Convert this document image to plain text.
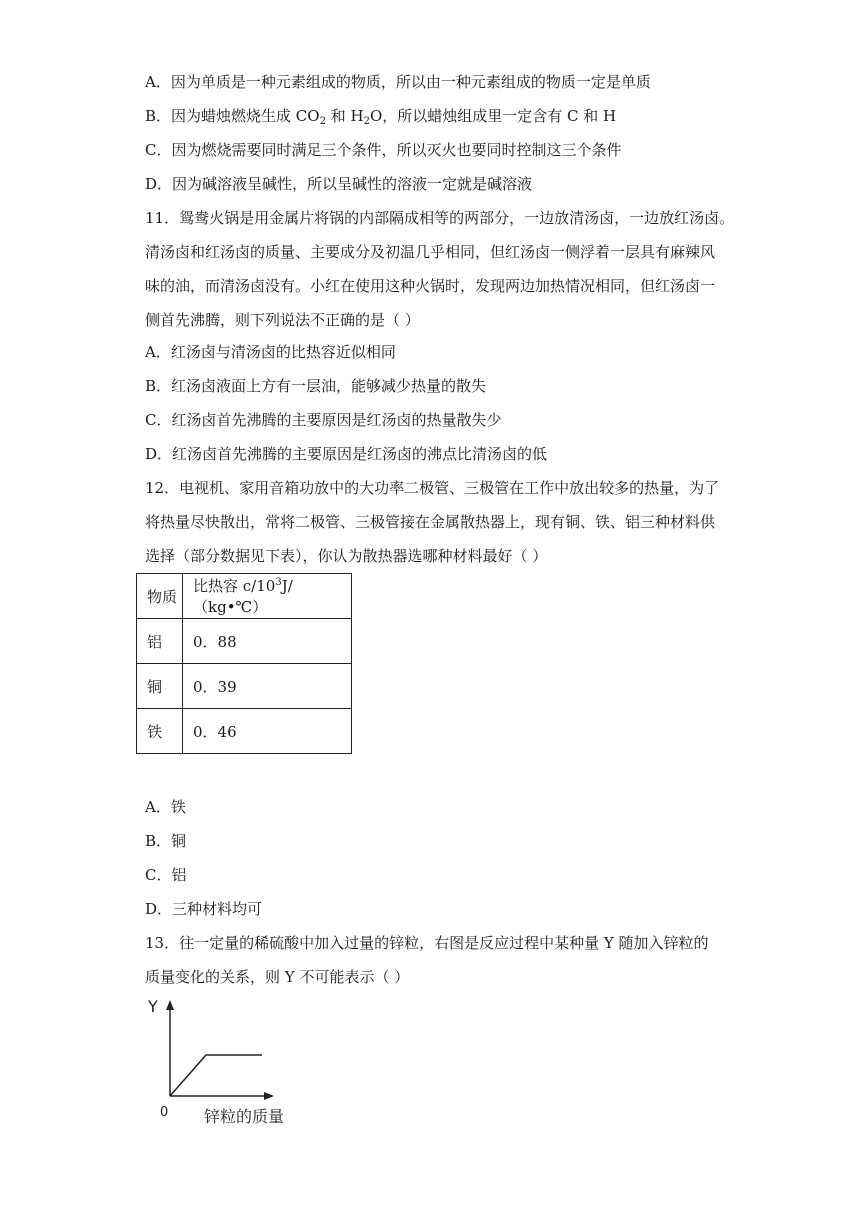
A．因为单质是一种元素组成的物质，所以由一种元素组成的物质一定是单质
B．因为蜡烛燃烧生成 $CO_2$ 和 $H_2O$，所以蜡烛组成里一定含有 C 和 H
C．因为燃烧需要同时满足三个条件，所以灭火也要同时控制这三个条件
D．因为碱溶液呈碱性，所以呈碱性的溶液一定就是碱溶液
11．鸳鸯火锅是用金属片将锅的内部隔成相等的两部分，一边放清汤卤，一边放红汤卤。
清汤卤和红汤卤的质量、主要成分及初温几乎相同，但红汤卤一侧浮着一层具有麻辣风
味的油，而清汤卤没有。小红在使用这种火锅时，发现两边加热情况相同，但红汤卤一
侧首先沸腾，则下列说法不正确的是（ ）
A．红汤卤与清汤卤的比热容近似相同
B．红汤卤液面上方有一层油，能够减少热量的散失
C．红汤卤首先沸腾的主要原因是红汤卤的热量散失少
D．红汤卤首先沸腾的主要原因是红汤卤的沸点比清汤卤的低
12．电视机、家用音箱功放中的大功率二极管、三极管在工作中放出较多的热量，为了
将热量尽快散出，常将二极管、三极管接在金属散热器上，现有铜、铁、铝三种材料供
选择（部分数据见下表），你认为散热器选哪种材料最好（ ）
物质	比热容 $c/10^3J/(kg•℃)$
铝	0．88
铜	0．39
铁	0．46
A．铁
B．铜
C．铝
D．三种材料均可
13．往一定量的稀硫酸中加入过量的锌粒，右图是反应过程中某种量 Y 随加入锌粒的
质量变化的关系，则 Y 不可能表示（ ）
Y
0 锌粒的质量
